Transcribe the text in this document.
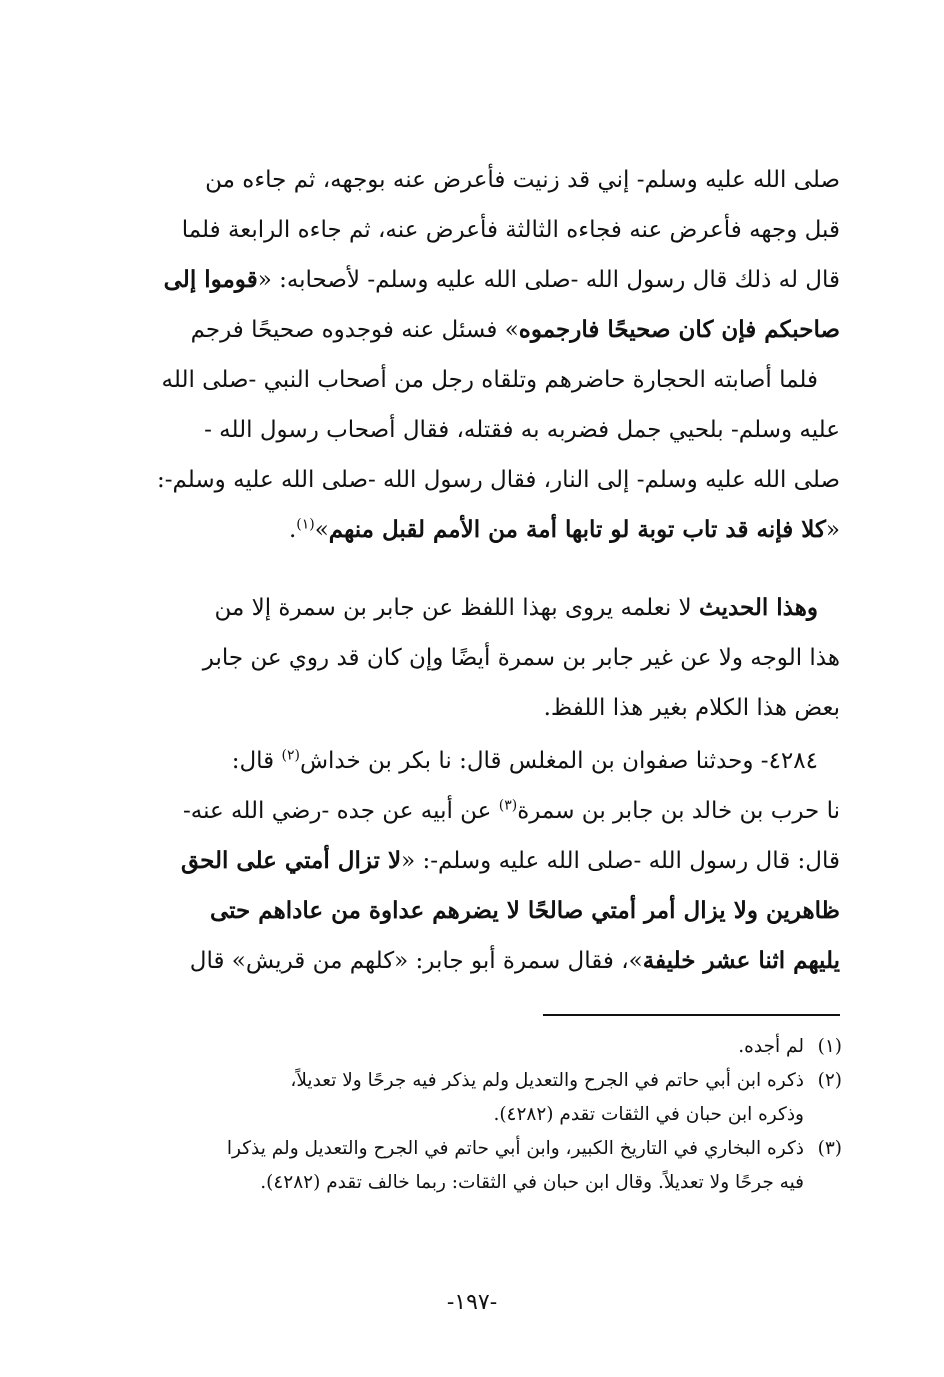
صلى الله عليه وسلم- إني قد زنيت فأعرض عنه بوجهه، ثم جاءه من
قبل وجهه فأعرض عنه فجاءه الثالثة فأعرض عنه، ثم جاءه الرابعة فلما
قال له ذلك قال رسول الله -صلى الله عليه وسلم- لأصحابه: «قوموا إلى
صاحبكم فإن كان صحيحًا فارجموه» فسئل عنه فوجدوه صحيحًا فرجم
فلما أصابته الحجارة حاضرهم وتلقاه رجل من أصحاب النبي -صلى الله
عليه وسلم- بلحيي جمل فضربه به فقتله، فقال أصحاب رسول الله -
صلى الله عليه وسلم- إلى النار، فقال رسول الله -صلى الله عليه وسلم-:
«كلا فإنه قد تاب توبة لو تابها أمة من الأمم لقبل منهم»$^{(١)}$.
وهذا الحديث لا نعلمه يروى بهذا اللفظ عن جابر بن سمرة إلا من
هذا الوجه ولا عن غير جابر بن سمرة أيضًا وإن كان قد روي عن جابر
بعض هذا الكلام بغير هذا اللفظ.
٤٢٨٤- وحدثنا صفوان بن المغلس قال: نا بكر بن خداش$^{(٢)}$ قال:
نا حرب بن خالد بن جابر بن سمرة$^{(٣)}$ عن أبيه عن جده -رضي الله عنه-
قال: قال رسول الله -صلى الله عليه وسلم-: «لا تزال أمتي على الحق
ظاهرين ولا يزال أمر أمتي صالحًا لا يضرهم عداوة من عاداهم حتى
يليهم اثنا عشر خليفة»، فقال سمرة أبو جابر: «كلهم من قريش» قال
(١)
لم أجده.
(٢)
ذكره ابن أبي حاتم في الجرح والتعديل ولم يذكر فيه جرحًا ولا تعديلاً،
وذكره ابن حبان في الثقات تقدم (٤٢٨٢).
(٣)
ذكره البخاري في التاريخ الكبير، وابن أبي حاتم في الجرح والتعديل ولم يذكرا
فيه جرحًا ولا تعديلاً. وقال ابن حبان في الثقات: ربما خالف تقدم (٤٢٨٢).
-١٩٧-
